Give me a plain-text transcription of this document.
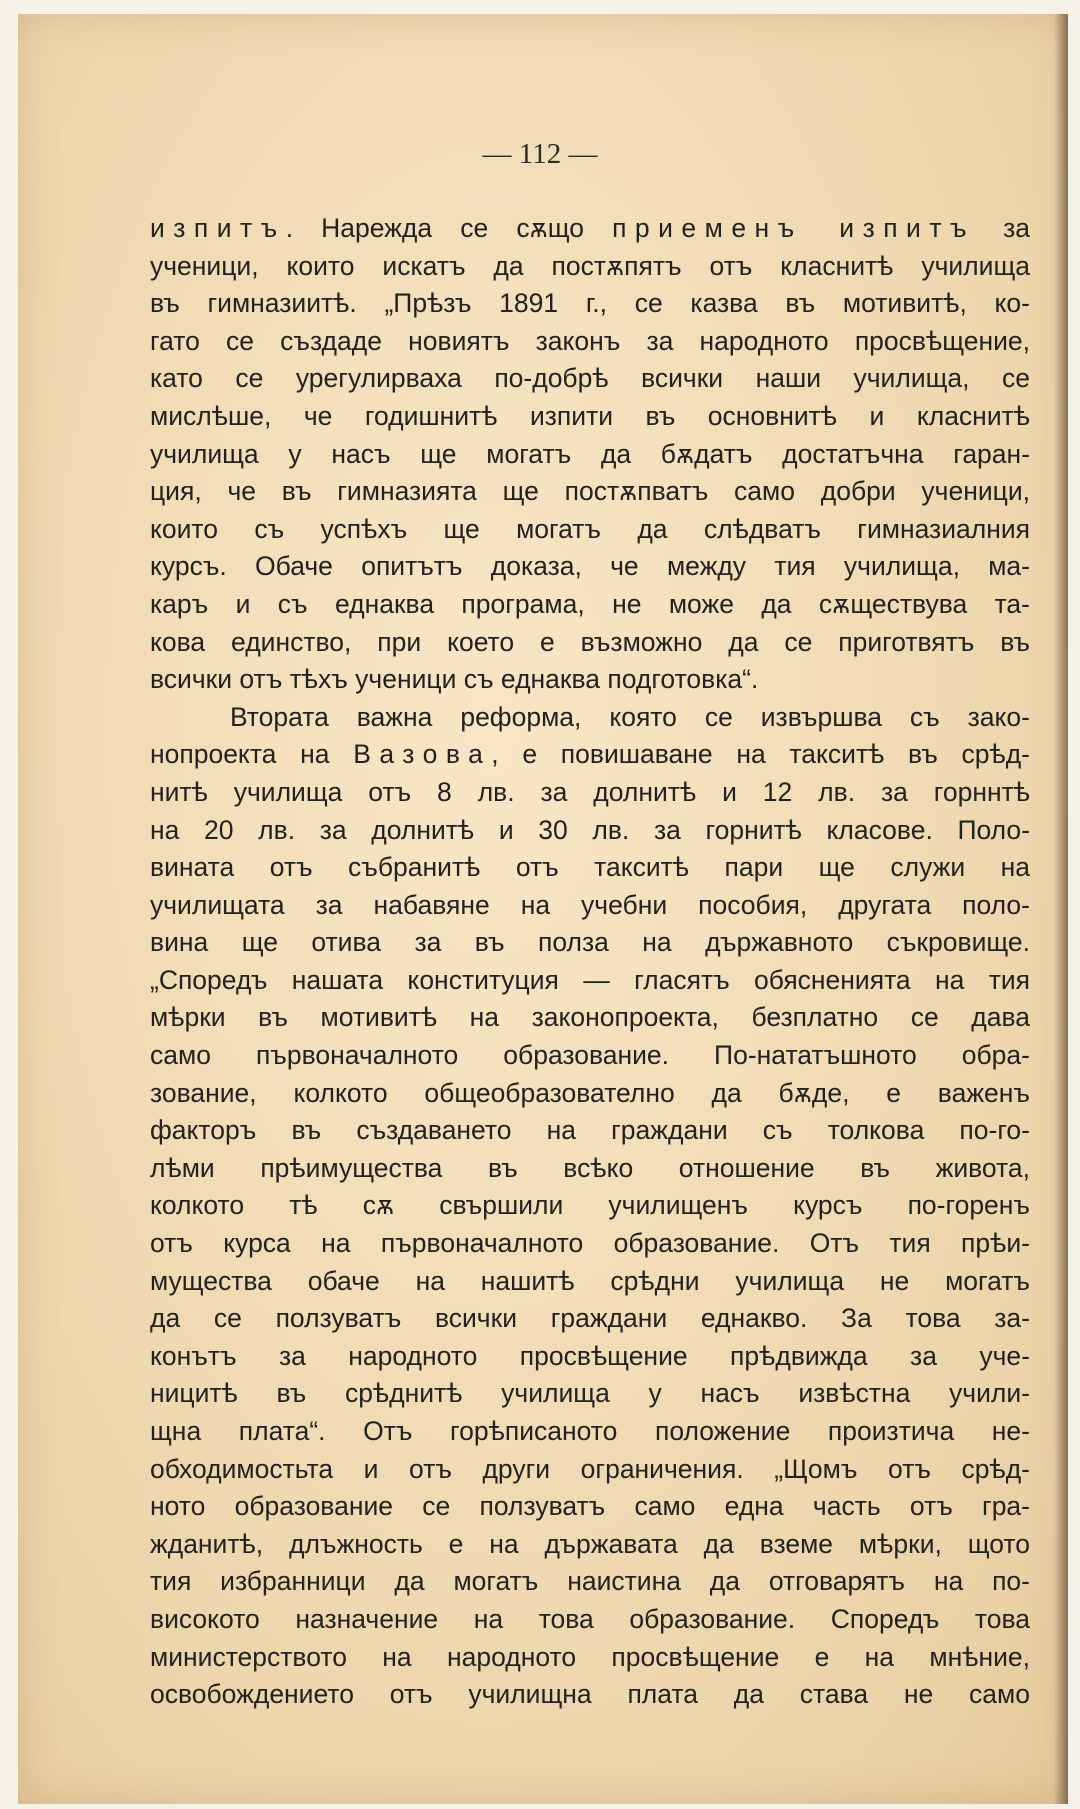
— 112 —
изпитъ. Нарежда се сѫщо приеменъ изпитъ за
ученици, които искатъ да постѫпятъ отъ класнитѣ училища
въ гимназиитѣ. „Прѣзъ 1891 г., се казва въ мотивитѣ, ко-
гато се създаде новиятъ законъ за народното просвѣщение,
като се урегулирваха по-добрѣ всички наши училища, се
мислѣше, че годишнитѣ изпити въ основнитѣ и класнитѣ
училища у насъ ще могатъ да бѫдатъ достатъчна гаран-
ция, че въ гимназията ще постѫпватъ само добри ученици,
които съ успѣхъ ще могатъ да слѣдватъ гимназиалния
курсъ. Обаче опитътъ доказа, че между тия училища, ма-
каръ и съ еднаква програма, не може да сѫществува та-
кова единство, при което е възможно да се приготвятъ въ
всички отъ тѣхъ ученици съ еднаква подготовка“.
Втората важна реформа, която се извършва съ зако-
нопроекта на Вазова, е повишаване на такситѣ въ срѣд-
нитѣ училища отъ 8 лв. за долнитѣ и 12 лв. за горннтѣ
на 20 лв. за долнитѣ и 30 лв. за горнитѣ класове. Поло-
вината отъ събранитѣ отъ такситѣ пари ще служи на
училищата за набавяне на учебни пособия, другата поло-
вина ще отива за въ полза на държавното съкровище.
„Споредъ нашата конституция — гласятъ обясненията на тия
мѣрки въ мотивитѣ на законопроекта, безплатно се дава
само първоначалното образование. По-нататъшното обра-
зование, колкото общеобразователно да бѫде, е важенъ
факторъ въ създаването на граждани съ толкова по-го-
лѣми прѣимущества въ всѣко отношение въ живота,
колкото тѣ сѫ свършили училищенъ курсъ по-горенъ
отъ курса на първоначалното образование. Отъ тия прѣи-
мущества обаче на нашитѣ срѣдни училища не могатъ
да се ползуватъ всички граждани еднакво. За това за-
конътъ за народното просвѣщение прѣдвижда за уче-
ницитѣ въ срѣднитѣ училища у насъ извѣстна учили-
щна плата“. Отъ горѣписаното положение произтича не-
обходимостьта и отъ други ограничения. „Щомъ отъ срѣд-
ното образование се ползуватъ само една часть отъ гра-
жданитѣ, длъжность е на държавата да вземе мѣрки, щото
тия избранници да могатъ наистина да отговарятъ на по-
високото назначение на това образование. Споредъ това
министерството на народното просвѣщение е на мнѣние,
освобождението отъ училищна плата да става не само
